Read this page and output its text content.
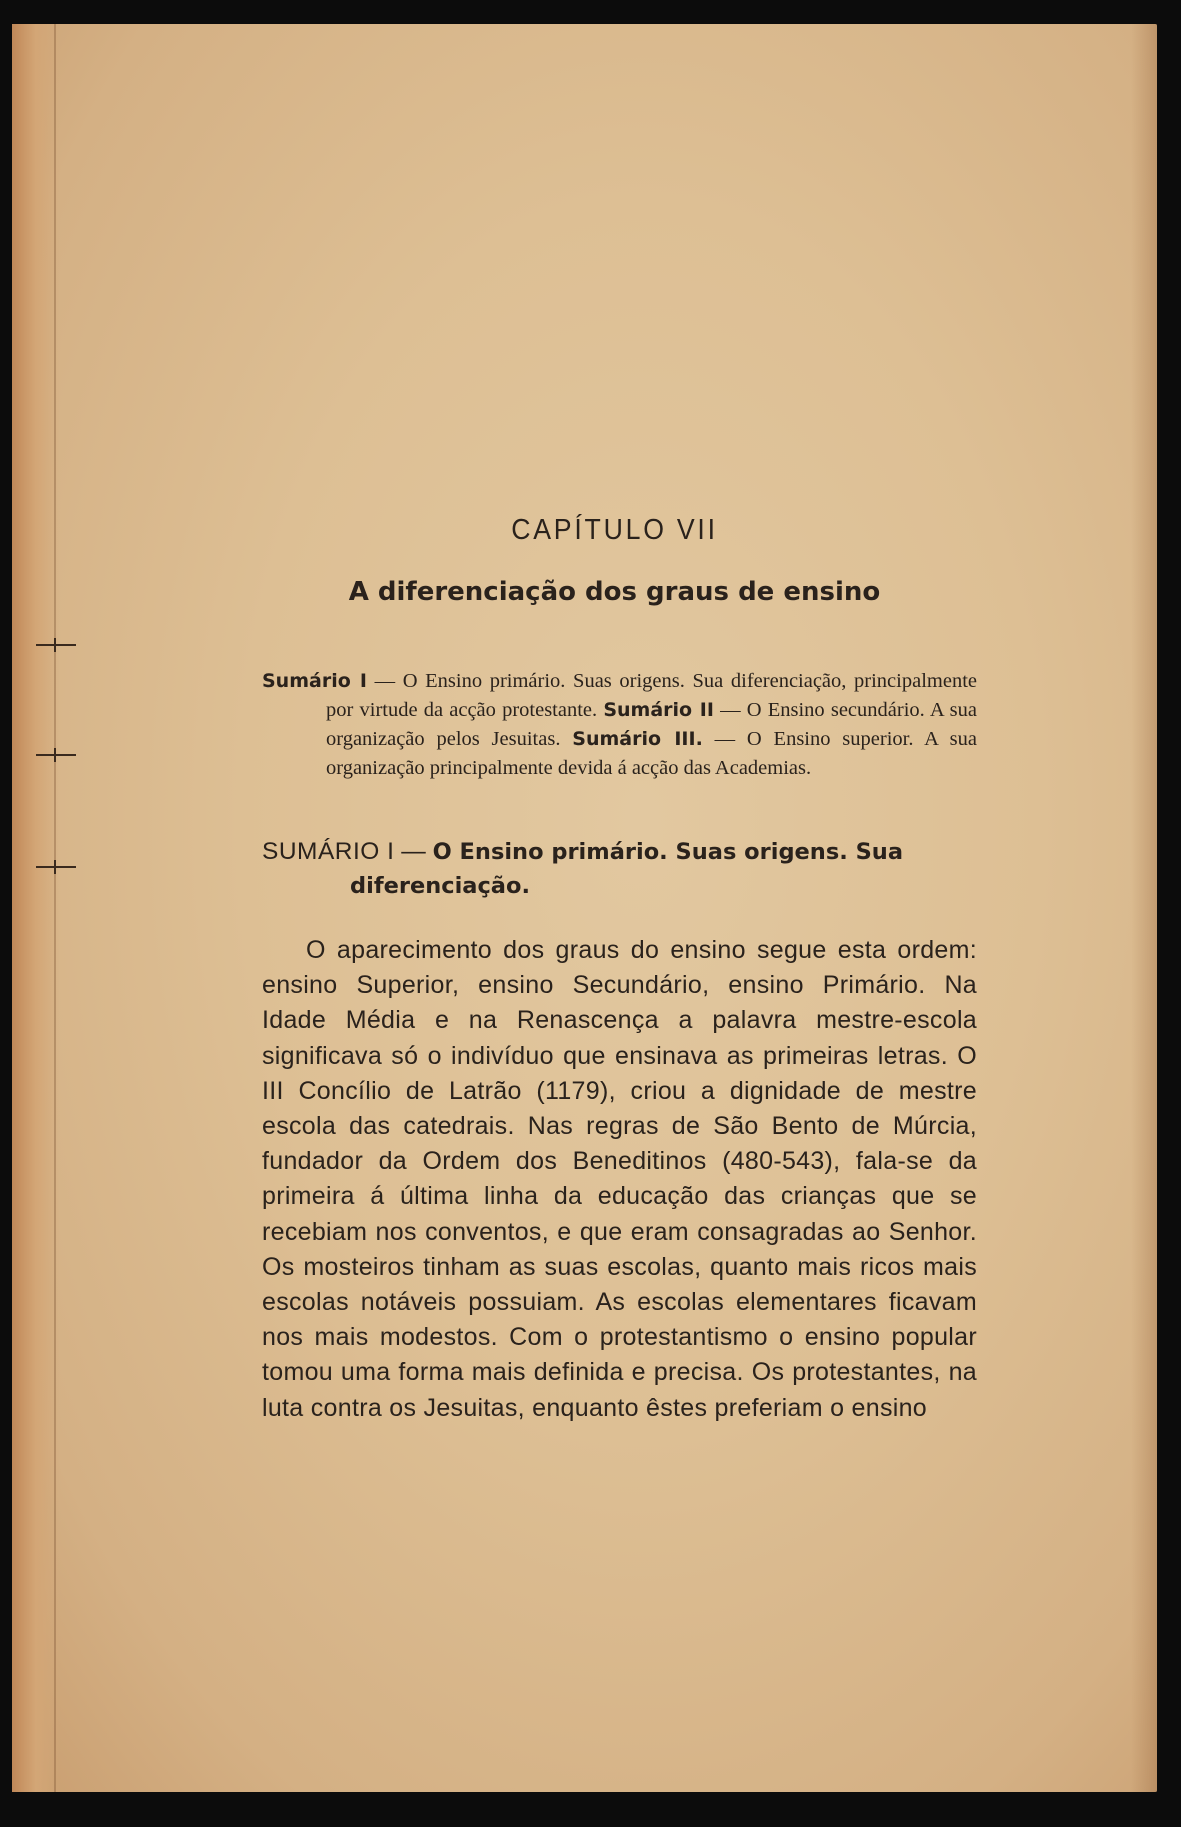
CAPÍTULO VII
A diferenciação dos graus de ensino

Sumário I — O Ensino primário. Suas origens. Sua diferenciação, principalmente por virtude da acção protestante. Sumário II — O Ensino secundário. A sua organização pelos Jesuitas. Sumário III. — O Ensino superior. A sua organização principalmente devida á acção das Academias.

SUMÁRIO I — O Ensino primário. Suas origens. Sua diferenciação.

O aparecimento dos graus do ensino segue esta ordem: ensino Superior, ensino Secundário, ensino Primário. Na Idade Média e na Renascença a palavra mestre-escola significava só o indivíduo que ensinava as primeiras letras. O III Concílio de Latrão (1179), criou a dignidade de mestre escola das catedrais. Nas regras de São Bento de Múrcia, fundador da Ordem dos Beneditinos (480-543), fala-se da primeira á última linha da educação das crianças que se recebiam nos conventos, e que eram consagradas ao Senhor. Os mosteiros tinham as suas escolas, quanto mais ricos mais escolas notáveis possuiam. As escolas elementares ficavam nos mais modestos. Com o protestantismo o ensino popular tomou uma forma mais definida e precisa. Os protestantes, na luta contra os Jesuitas, enquanto êstes preferiam o ensino
